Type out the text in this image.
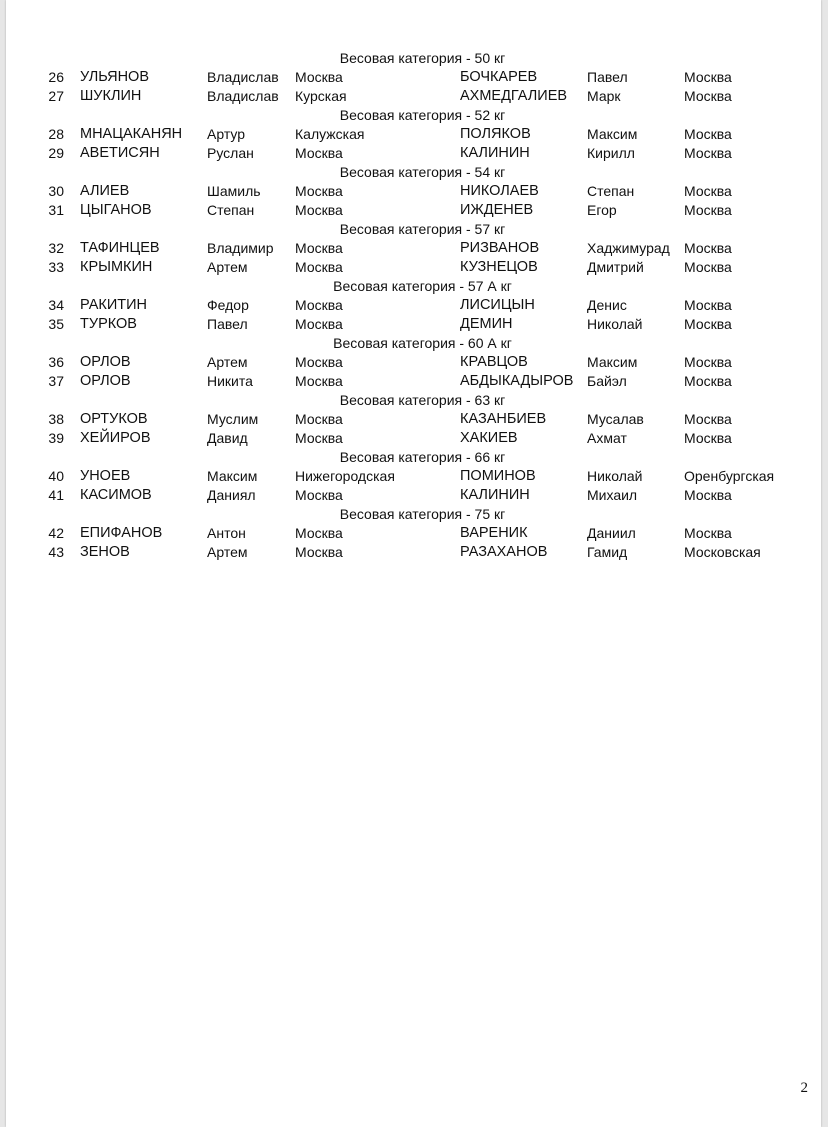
Весовая категория - 50 кг
26 УЛЬЯНОВ	Владислав Москва	БОЧКАРЕВ	Павел	Москва
27 ШУКЛИН	Владислав Курская	АХМЕДГАЛИЕВ Марк	Москва
Весовая категория - 52 кг
28 МНАЦАКАНЯН Артур	Калужская	ПОЛЯКОВ	Максим	Москва
29 АВЕТИСЯН	Руслан	Москва	КАЛИНИН	Кирилл	Москва
Весовая категория - 54 кг
30 АЛИЕВ	Шамиль Москва	НИКОЛАЕВ	Степан	Москва
31 ЦЫГАНОВ	Степан	Москва	ИЖДЕНЕВ	Егор	Москва
Весовая категория - 57 кг
32 ТАФИНЦЕВ	Владимир Москва	РИЗВАНОВ	Хаджимурад Москва
33 КРЫМКИН	Артем	Москва	КУЗНЕЦОВ	Дмитрий	Москва
Весовая категория - 57 А кг
34 РАКИТИН	Федор	Москва	ЛИСИЦЫН	Денис	Москва
35 ТУРКОВ	Павел	Москва	ДЕМИН	Николай	Москва
Весовая категория - 60 А кг
36 ОРЛОВ	Артем	Москва	КРАВЦОВ	Максим	Москва
37 ОРЛОВ	Никита	Москва	АБДЫКАДЫРОВ Байэл	Москва
Весовая категория - 63 кг
38 ОРТУКОВ	Муслим	Москва	КАЗАНБИЕВ	Мусалав	Москва
39 ХЕЙИРОВ	Давид	Москва	ХАКИЕВ	Ахмат	Москва
Весовая категория - 66 кг
40 УНОЕВ	Максим	Нижегородская	ПОМИНОВ	Николай	Оренбургская
41 КАСИМОВ	Даниял	Москва	КАЛИНИН	Михаил	Москва
Весовая категория - 75 кг
42 ЕПИФАНОВ	Антон	Москва	ВАРЕНИК	Даниил	Москва
43 ЗЕНОВ	Артем	Москва	РАЗАХАНОВ	Гамид	Московская
2
